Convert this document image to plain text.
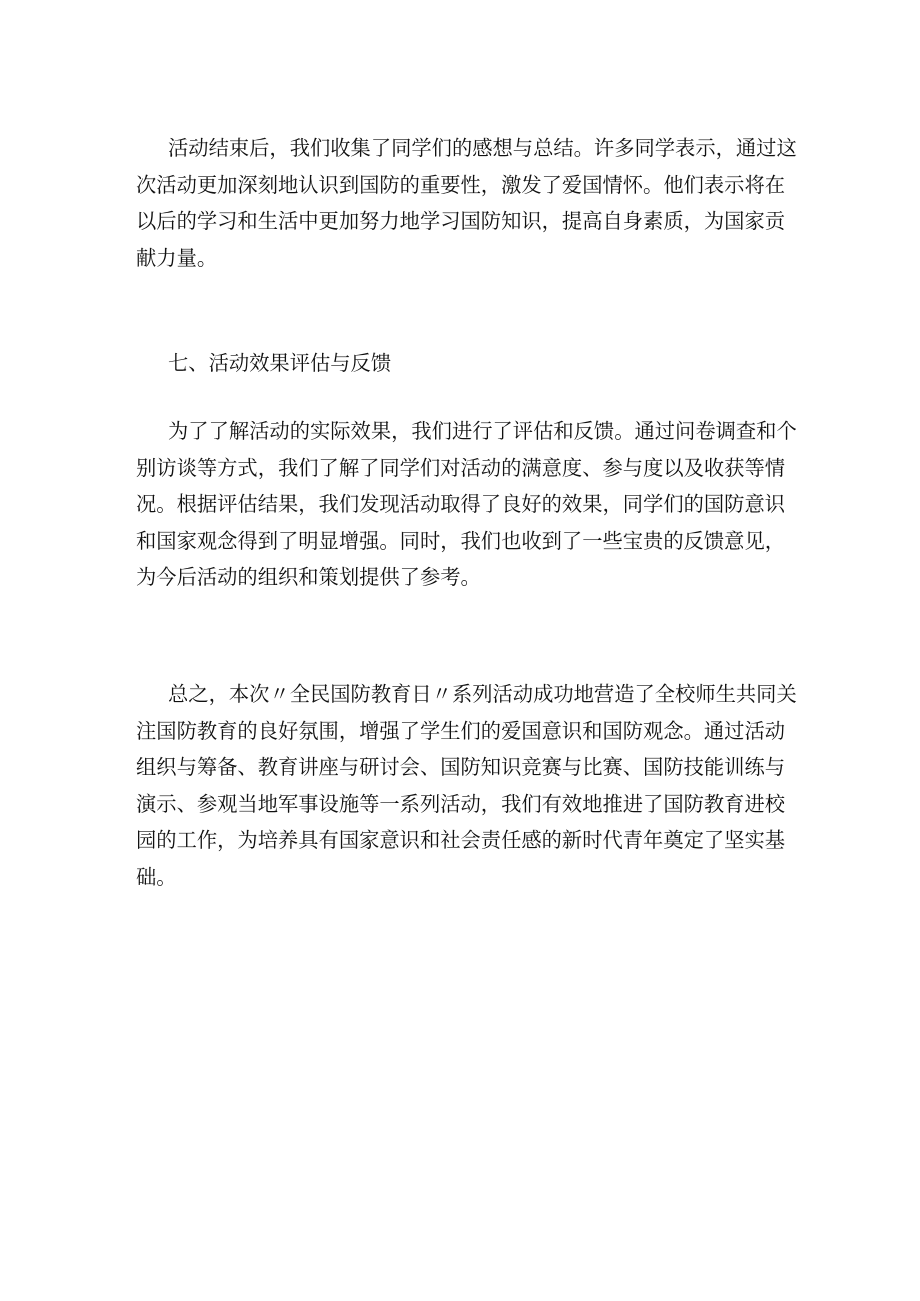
活动结束后，我们收集了同学们的感想与总结。许多同学表示，通过这
次活动更加深刻地认识到国防的重要性，激发了爱国情怀。他们表示将在
以后的学习和生活中更加努力地学习国防知识，提高自身素质，为国家贡
献力量。
七、活动效果评估与反馈
为了了解活动的实际效果，我们进行了评估和反馈。通过问卷调查和个
别访谈等方式，我们了解了同学们对活动的满意度、参与度以及收获等情
况。根据评估结果，我们发现活动取得了良好的效果，同学们的国防意识
和国家观念得到了明显增强。同时，我们也收到了一些宝贵的反馈意见，
为今后活动的组织和策划提供了参考。
总之，本次〃全民国防教育日〃系列活动成功地营造了全校师生共同关
注国防教育的良好氛围，增强了学生们的爱国意识和国防观念。通过活动
组织与筹备、教育讲座与研讨会、国防知识竞赛与比赛、国防技能训练与
演示、参观当地军事设施等一系列活动，我们有效地推进了国防教育进校
园的工作，为培养具有国家意识和社会责任感的新时代青年奠定了坚实基
础。
